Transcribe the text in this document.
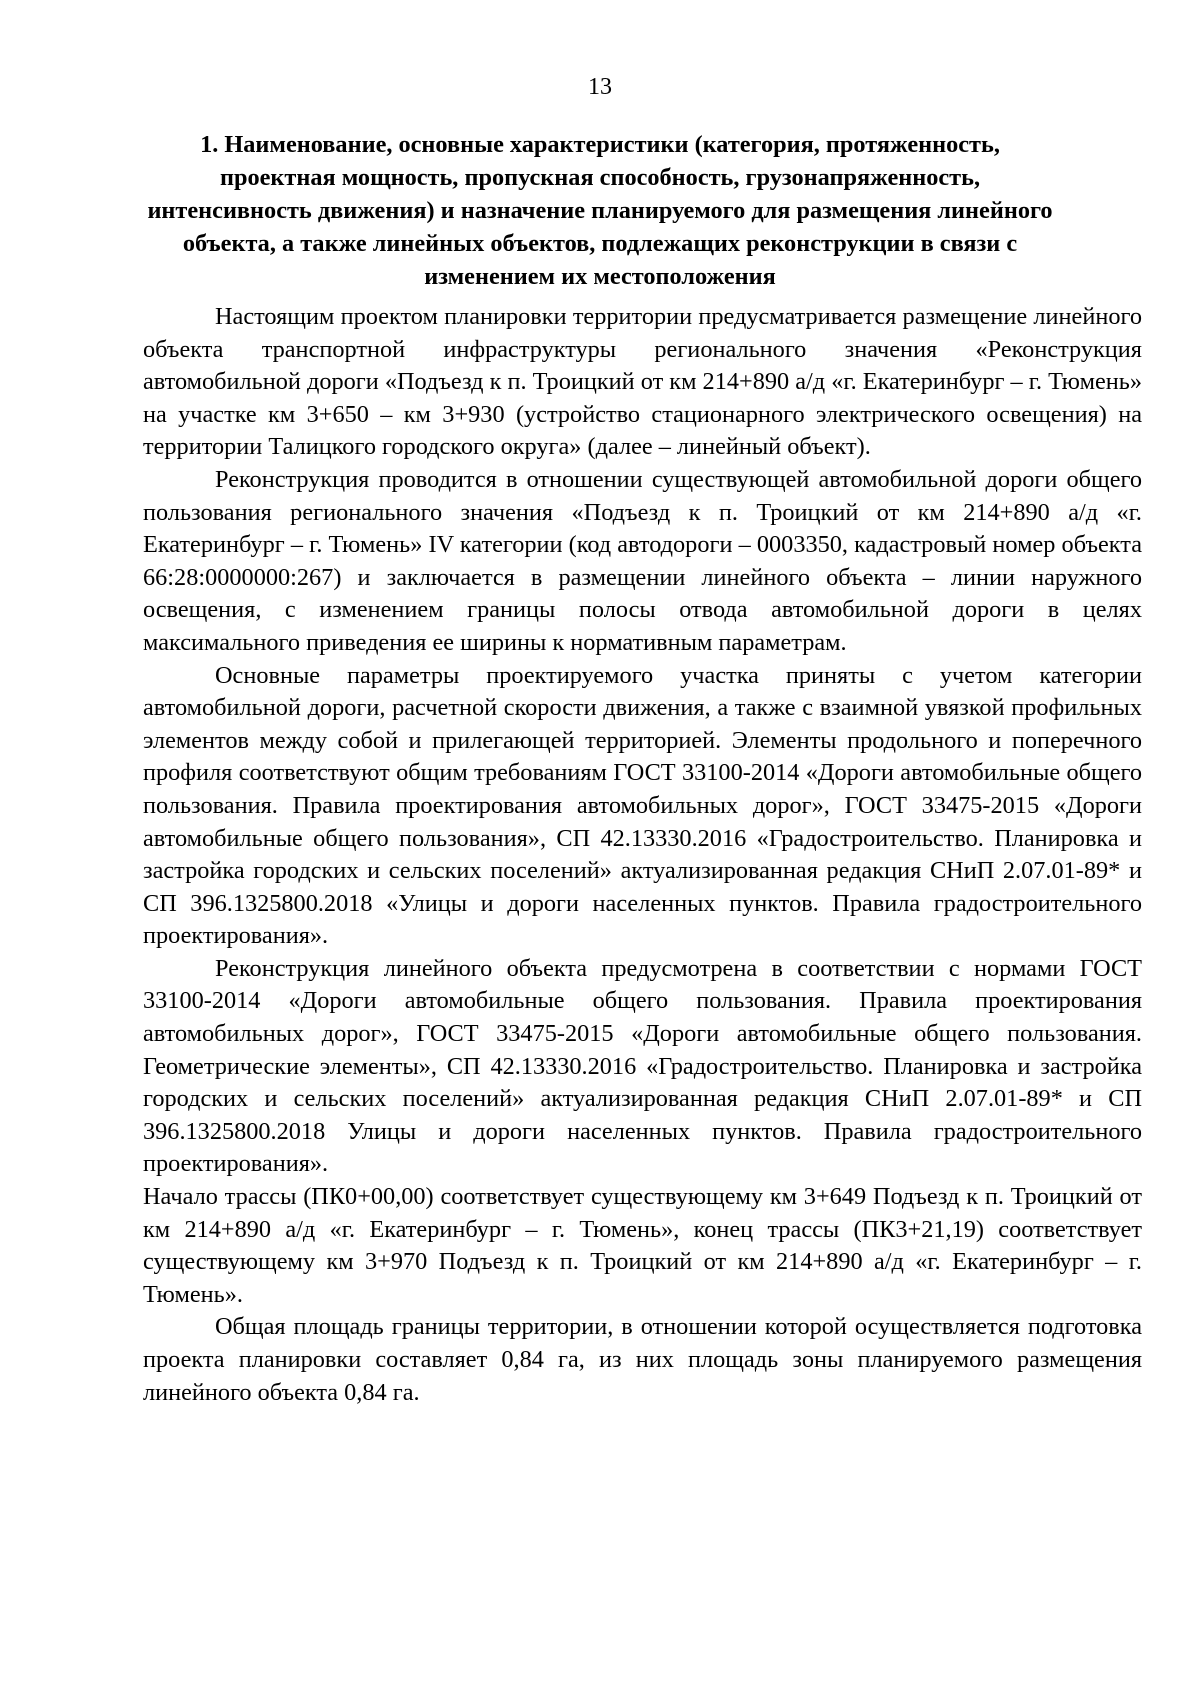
13
1. Наименование, основные характеристики (категория, протяженность, проектная мощность, пропускная способность, грузонапряженность, интенсивность движения) и назначение планируемого для размещения линейного объекта, а также линейных объектов, подлежащих реконструкции в связи с изменением их местоположения

Настоящим проектом планировки территории предусматривается размещение линейного объекта транспортной инфраструктуры регионального значения «Реконструкция автомобильной дороги «Подъезд к п. Троицкий от км 214+890 а/д «г. Екатеринбург – г. Тюмень» на участке км 3+650 – км 3+930 (устройство стационарного электрического освещения) на территории Талицкого городского округа» (далее – линейный объект).

Реконструкция проводится в отношении существующей автомобильной дороги общего пользования регионального значения «Подъезд к п. Троицкий от км 214+890 а/д «г. Екатеринбург – г. Тюмень» IV категории (код автодороги – 0003350, кадастровый номер объекта 66:28:0000000:267) и заключается в размещении линейного объекта – линии наружного освещения, с изменением границы полосы отвода автомобильной дороги в целях максимального приведения ее ширины к нормативным параметрам.

Основные параметры проектируемого участка приняты с учетом категории автомобильной дороги, расчетной скорости движения, а также с взаимной увязкой профильных элементов между собой и прилегающей территорией. Элементы продольного и поперечного профиля соответствуют общим требованиям ГОСТ 33100-2014 «Дороги автомобильные общего пользования. Правила проектирования автомобильных дорог», ГОСТ 33475-2015 «Дороги автомобильные общего пользования», СП 42.13330.2016 «Градостроительство. Планировка и застройка городских и сельских поселений» актуализированная редакция СНиП 2.07.01-89* и СП 396.1325800.2018 «Улицы и дороги населенных пунктов. Правила градостроительного проектирования».

Реконструкция линейного объекта предусмотрена в соответствии с нормами ГОСТ 33100-2014 «Дороги автомобильные общего пользования. Правила проектирования автомобильных дорог», ГОСТ 33475-2015 «Дороги автомобильные общего пользования. Геометрические элементы», СП 42.13330.2016 «Градостроительство. Планировка и застройка городских и сельских поселений» актуализированная редакция СНиП 2.07.01-89* и СП 396.1325800.2018 Улицы и дороги населенных пунктов. Правила градостроительного проектирования».

Начало трассы (ПК0+00,00) соответствует существующему км 3+649 Подъезд к п. Троицкий от км 214+890 а/д «г. Екатеринбург – г. Тюмень», конец трассы (ПК3+21,19) соответствует существующему км 3+970 Подъезд к п. Троицкий от км 214+890 а/д «г. Екатеринбург – г. Тюмень».

Общая площадь границы территории, в отношении которой осуществляется подготовка проекта планировки составляет 0,84 га, из них площадь зоны планируемого размещения линейного объекта 0,84 га.
